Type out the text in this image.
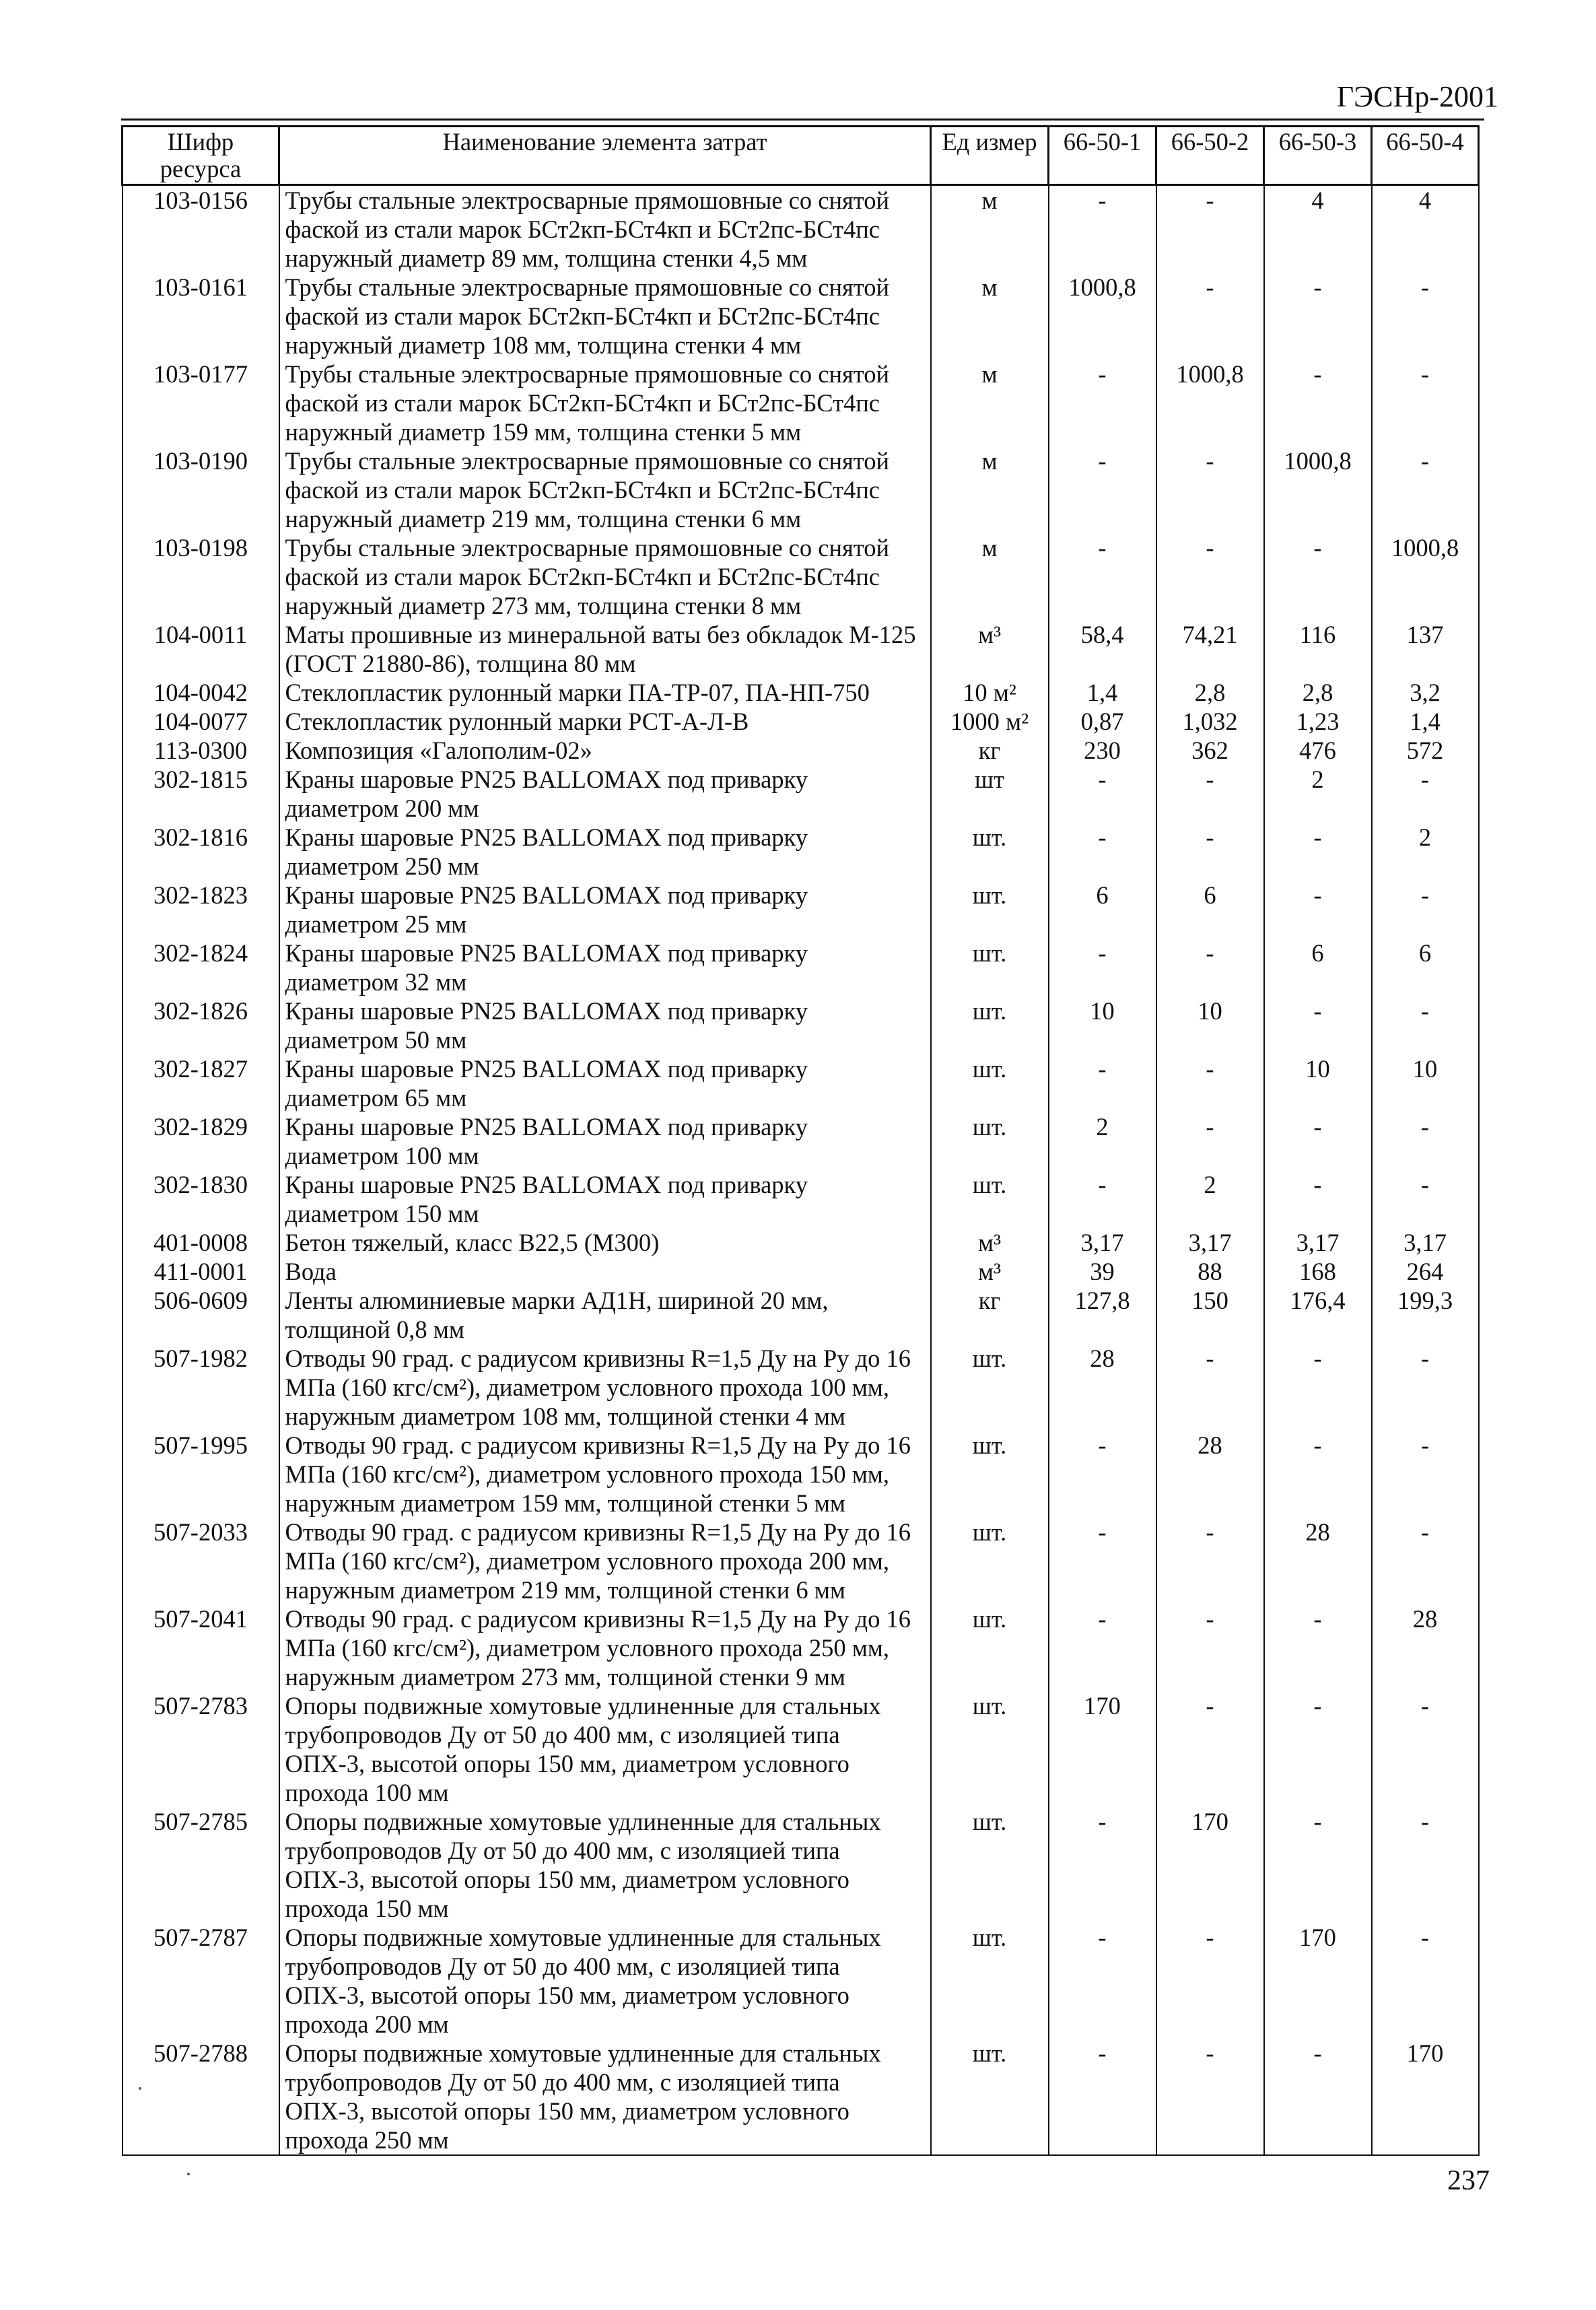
ГЭСНр-2001
Шифр ресурса	Наименование элемента затрат	Ед измер	66-50-1	66-50-2	66-50-3	66-50-4
103-0156	Трубы стальные электросварные прямошовные со снятой фаской из стали марок БСт2кп-БСт4кп и БСт2пс-БСт4пс наружный диаметр 89 мм, толщина стенки 4,5 мм	м	-	-	4	4
103-0161	Трубы стальные электросварные прямошовные со снятой фаской из стали марок БСт2кп-БСт4кп и БСт2пс-БСт4пс наружный диаметр 108 мм, толщина стенки 4 мм	м	1000,8	-	-	-
103-0177	Трубы стальные электросварные прямошовные со снятой фаской из стали марок БСт2кп-БСт4кп и БСт2пс-БСт4пс наружный диаметр 159 мм, толщина стенки 5 мм	м	-	1000,8	-	-
103-0190	Трубы стальные электросварные прямошовные со снятой фаской из стали марок БСт2кп-БСт4кп и БСт2пс-БСт4пс наружный диаметр 219 мм, толщина стенки 6 мм	м	-	-	1000,8	-
103-0198	Трубы стальные электросварные прямошовные со снятой фаской из стали марок БСт2кп-БСт4кп и БСт2пс-БСт4пс наружный диаметр 273 мм, толщина стенки 8 мм	м	-	-	-	1000,8
104-0011	Маты прошивные из минеральной ваты без обкладок М-125 (ГОСТ 21880-86), толщина 80 мм	м³	58,4	74,21	116	137
104-0042	Стеклопластик рулонный марки ПА-ТР-07, ПА-НП-750	10 м²	1,4	2,8	2,8	3,2
104-0077	Стеклопластик рулонный марки РСТ-А-Л-В	1000 м²	0,87	1,032	1,23	1,4
113-0300	Композиция «Галополим-02»	кг	230	362	476	572
302-1815	Краны шаровые PN25 BALLOMAX под приварку диаметром 200 мм	шт	-	-	2	-
302-1816	Краны шаровые PN25 BALLOMAX под приварку диаметром 250 мм	шт.	-	-	-	2
302-1823	Краны шаровые PN25 BALLOMAX под приварку диаметром 25 мм	шт.	6	6	-	-
302-1824	Краны шаровые PN25 BALLOMAX под приварку диаметром 32 мм	шт.	-	-	6	6
302-1826	Краны шаровые PN25 BALLOMAX под приварку диаметром 50 мм	шт.	10	10	-	-
302-1827	Краны шаровые PN25 BALLOMAX под приварку диаметром 65 мм	шт.	-	-	10	10
302-1829	Краны шаровые PN25 BALLOMAX под приварку диаметром 100 мм	шт.	2	-	-	-
302-1830	Краны шаровые PN25 BALLOMAX под приварку диаметром 150 мм	шт.	-	2	-	-
401-0008	Бетон тяжелый, класс В22,5 (М300)	м³	3,17	3,17	3,17	3,17
411-0001	Вода	м³	39	88	168	264
506-0609	Ленты алюминиевые марки АД1Н, шириной 20 мм, толщиной 0,8 мм	кг	127,8	150	176,4	199,3
507-1982	Отводы 90 град. с радиусом кривизны R=1,5 Ду на Ру до 16 МПа (160 кгс/см²), диаметром условного прохода 100 мм, наружным диаметром 108 мм, толщиной стенки 4 мм	шт.	28	-	-	-
507-1995	Отводы 90 град. с радиусом кривизны R=1,5 Ду на Ру до 16 МПа (160 кгс/см²), диаметром условного прохода 150 мм, наружным диаметром 159 мм, толщиной стенки 5 мм	шт.	-	28	-	-
507-2033	Отводы 90 град. с радиусом кривизны R=1,5 Ду на Ру до 16 МПа (160 кгс/см²), диаметром условного прохода 200 мм, наружным диаметром 219 мм, толщиной стенки 6 мм	шт.	-	-	28	-
507-2041	Отводы 90 град. с радиусом кривизны R=1,5 Ду на Ру до 16 МПа (160 кгс/см²), диаметром условного прохода 250 мм, наружным диаметром 273 мм, толщиной стенки 9 мм	шт.	-	-	-	28
507-2783	Опоры подвижные хомутовые удлиненные для стальных трубопроводов Ду от 50 до 400 мм, с изоляцией типа ОПХ-3, высотой опоры 150 мм, диаметром условного прохода 100 мм	шт.	170	-	-	-
507-2785	Опоры подвижные хомутовые удлиненные для стальных трубопроводов Ду от 50 до 400 мм, с изоляцией типа ОПХ-3, высотой опоры 150 мм, диаметром условного прохода 150 мм	шт.	-	170	-	-
507-2787	Опоры подвижные хомутовые удлиненные для стальных трубопроводов Ду от 50 до 400 мм, с изоляцией типа ОПХ-3, высотой опоры 150 мм, диаметром условного прохода 200 мм	шт.	-	-	170	-
507-2788	Опоры подвижные хомутовые удлиненные для стальных трубопроводов Ду от 50 до 400 мм, с изоляцией типа ОПХ-3, высотой опоры 150 мм, диаметром условного прохода 250 мм	шт.	-	-	-	170
237
